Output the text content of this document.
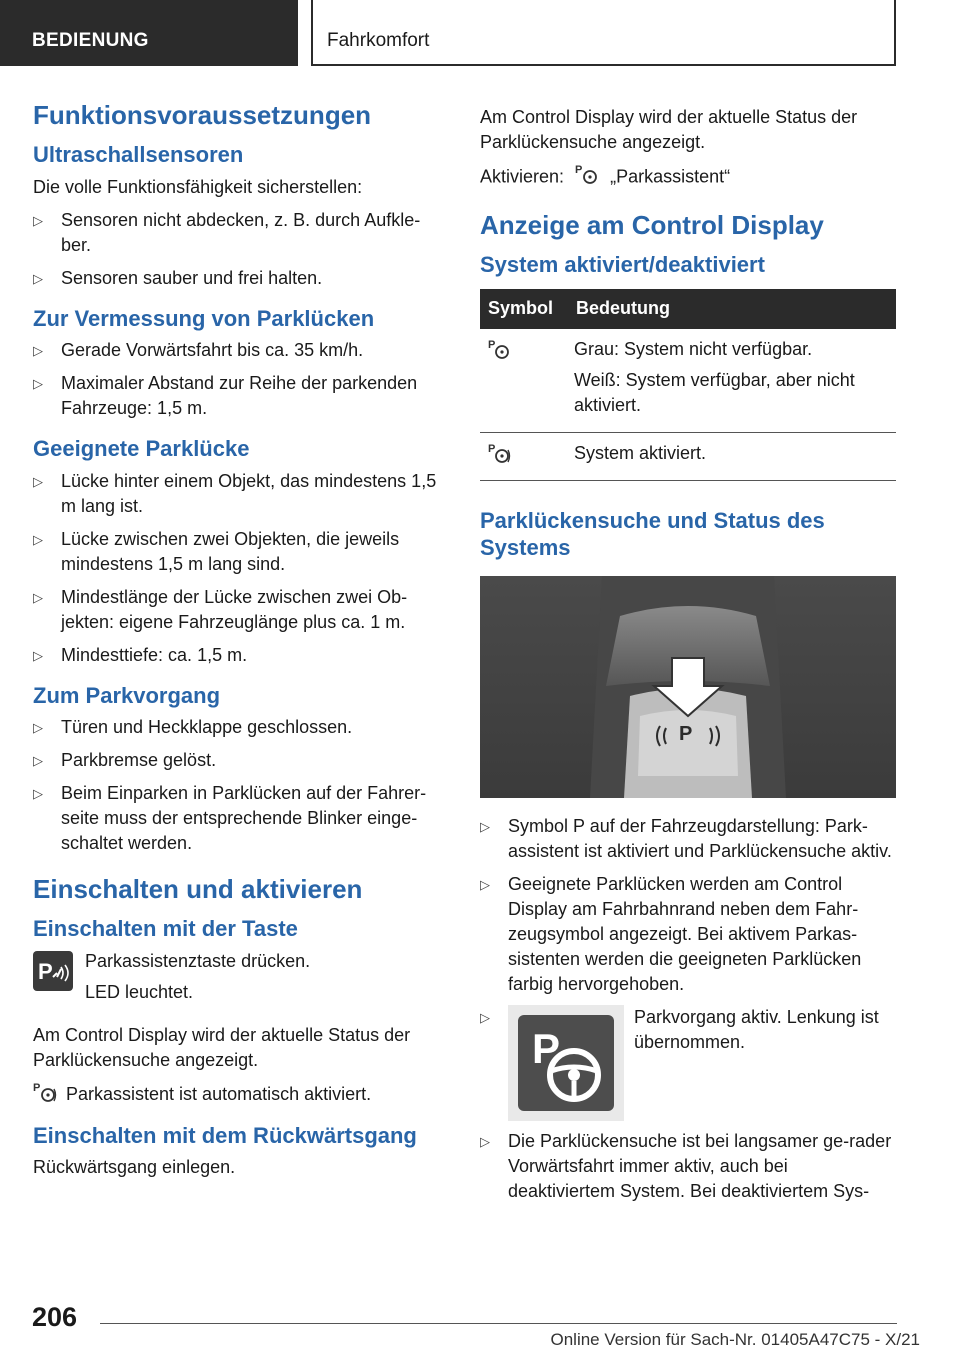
BEDIENUNG	Fahrkomfort
Funktionsvoraussetzungen
Ultraschallsensoren

Die volle Funktionsfähigkeit sicherstellen:

▷ Sensoren nicht abdecken, z. B. durch Aufkle-ber.
▷ Sensoren sauber und frei halten.
Zur Vermessung von Parklücken
▷ Gerade Vorwärtsfahrt bis ca. 35 km/h.
▷ Maximaler Abstand zur Reihe der parkenden Fahrzeuge: 1,5 m.
Geeignete Parklücke
▷ Lücke hinter einem Objekt, das mindestens 1,5 m lang ist.
▷ Lücke zwischen zwei Objekten, die jeweils mindestens 1,5 m lang sind.
▷ Mindestlänge der Lücke zwischen zwei Ob-jekten: eigene Fahrzeuglänge plus ca. 1 m.
▷ Mindesttiefe: ca. 1,5 m.
Zum Parkvorgang
▷ Türen und Heckklappe geschlossen.
▷ Parkbremse gelöst.
▷ Beim Einparken in Parklücken auf der Fahrer-seite muss der entsprechende Blinker einge-schaltet werden.
Einschalten und aktivieren
Einschalten mit der Taste
P Parkassistenztaste drücken.

LED leuchtet.

Am Control Display wird der aktuelle Status der Parklückensuche angezeigt.

P Parkassistent ist automatisch aktiviert.

Einschalten mit dem Rückwärtsgang

Rückwärtsgang einlegen.

Am Control Display wird der aktuelle Status der Parklückensuche angezeigt.

Aktivieren: P „Parkassistent“

Anzeige am Control Display
System aktiviert/deaktiviert
Symbol	Bedeutung

P	Grau: System nicht verfügbar.

Weiß: System verfügbar, aber nicht aktiviert.

P	System aktiviert.
Parklückensuche und Status des Systems
P
▷ Symbol P auf der Fahrzeugdarstellung: Park-assistent ist aktiviert und Parklückensuche aktiv.
▷ Geeignete Parklücken werden am Control Display am Fahrbahnrand neben dem Fahr-zeugsymbol angezeigt. Bei aktivem Parkas-sistenten werden die geeigneten Parklücken farbig hervorgehoben.
▷ P
Parkvorgang aktiv. Lenkung ist übernommen.
▷ Die Parklückensuche ist bei langsamer ge-rader Vorwärtsfahrt immer aktiv, auch bei deaktiviertem System. Bei deaktiviertem Sys-
206
Online Version für Sach-Nr. 01405A47C75 - X/21
